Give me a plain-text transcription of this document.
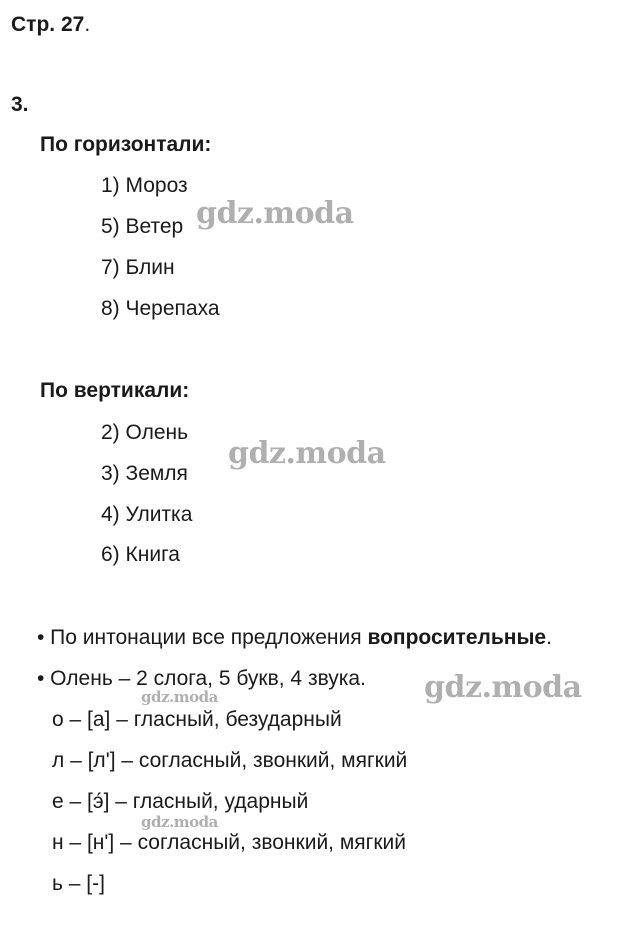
Стр. 27.
3.
По горизонтали:
1) Мороз
5) Ветер
7) Блин
8) Черепаха
По вертикали:
2) Олень
3) Земля
4) Улитка
6) Книга
• По интонации все предложения вопросительные.
• Олень – 2 слога, 5 букв, 4 звука.
о – [а] – гласный, безударный
л – [л'] – согласный, звонкий, мягкий
е – [э́] – гласный, ударный
н – [н'] – согласный, звонкий, мягкий
ь – [-]
gdz.moda
gdz.moda
gdz.moda
gdz.moda
gdz.moda
